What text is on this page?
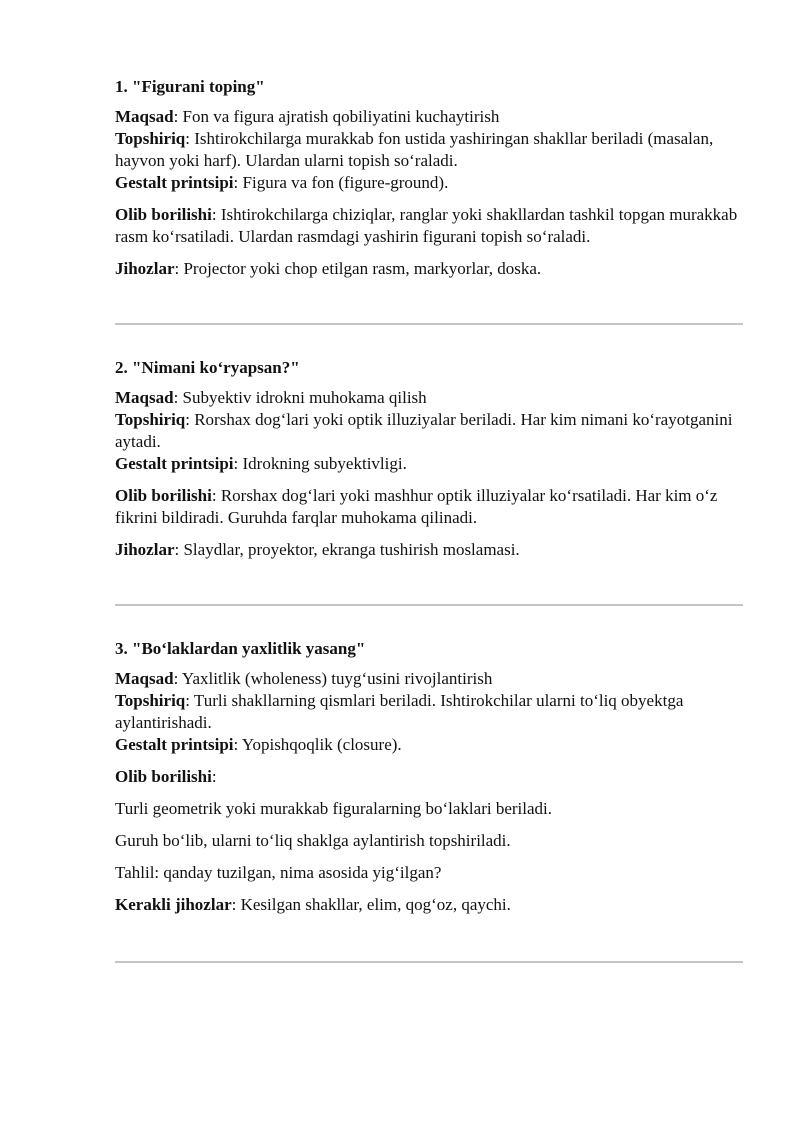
1. "Figurani toping"
Maqsad: Fon va figura ajratish qobiliyatini kuchaytirish
Topshiriq: Ishtirokchilarga murakkab fon ustida yashiringan shakllar beriladi (masalan, hayvon yoki harf). Ulardan ularni topish so‘raladi.
Gestalt printsipi: Figura va fon (figure-ground).
Olib borilishi: Ishtirokchilarga chiziqlar, ranglar yoki shakllardan tashkil topgan murakkab rasm ko‘rsatiladi. Ulardan rasmdagi yashirin figurani topish so‘raladi.
Jihozlar: Projector yoki chop etilgan rasm, markyorlar, doska.
2. "Nimani ko‘ryapsan?"
Maqsad: Subyektiv idrokni muhokama qilish
Topshiriq: Rorshax dog‘lari yoki optik illuziyalar beriladi. Har kim nimani ko‘rayotganini aytadi.
Gestalt printsipi: Idrokning subyektivligi.
Olib borilishi: Rorshax dog‘lari yoki mashhur optik illuziyalar ko‘rsatiladi. Har kim o‘z fikrini bildiradi. Guruhda farqlar muhokama qilinadi.
Jihozlar: Slaydlar, proyektor, ekranga tushirish moslamasi.
3. "Bo‘laklardan yaxlitlik yasang"
Maqsad: Yaxlitlik (wholeness) tuyg‘usini rivojlantirish
Topshiriq: Turli shakllarning qismlari beriladi. Ishtirokchilar ularni to‘liq obyektga aylantirishadi.
Gestalt printsipi: Yopishqoqlik (closure).
Olib borilishi:
Turli geometrik yoki murakkab figuralarning bo‘laklari beriladi.
Guruh bo‘lib, ularni to‘liq shaklga aylantirish topshiriladi.
Tahlil: qanday tuzilgan, nima asosida yig‘ilgan?
Kerakli jihozlar: Kesilgan shakllar, elim, qog‘oz, qaychi.
